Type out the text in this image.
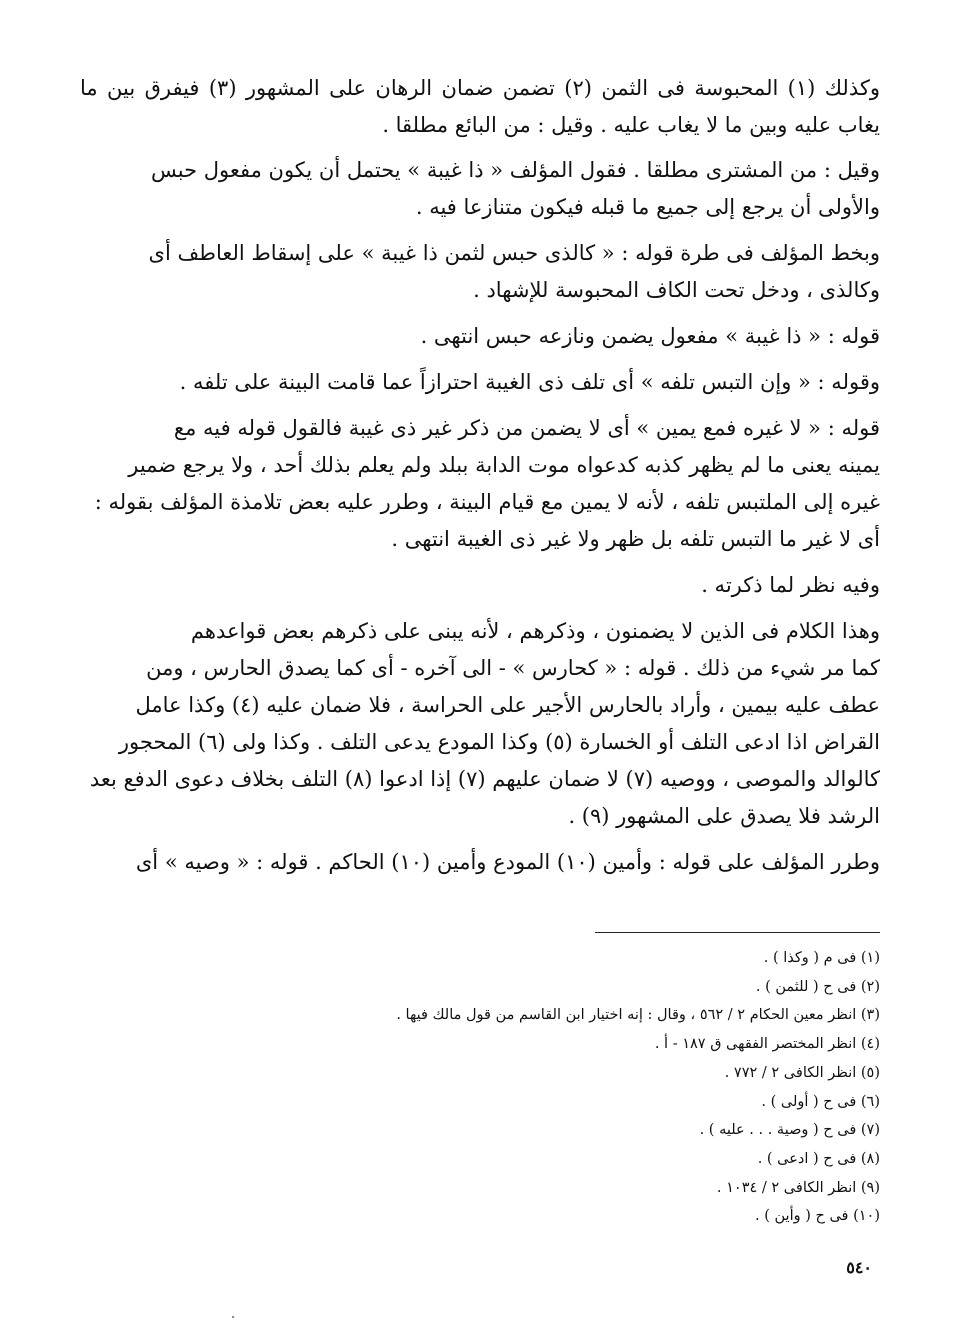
وكذلك (١) المحبوسة فى الثمن (٢) تضمن ضمان الرهان على المشهور (٣) فيفرق بين ما
يغاب عليه وبين ما لا يغاب عليه . وقيل : من البائع مطلقا .
وقيل : من المشترى مطلقا . فقول المؤلف « ذا غيبة » يحتمل أن يكون مفعول حبس
والأولى أن يرجع إلى جميع ما قبله فيكون متنازعا فيه .
وبخط المؤلف فى طرة قوله : « كالذى حبس لثمن ذا غيبة » على إسقاط العاطف أى
وكالذى ، ودخل تحت الكاف المحبوسة للإشهاد .
قوله : « ذا غيبة » مفعول يضمن ونازعه حبس انتهى .
وقوله : « وإن التبس تلفه » أى تلف ذى الغيبة احترازاً عما قامت البينة على تلفه .
قوله : « لا غيره فمع يمين » أى لا يضمن من ذكر غير ذى غيبة فالقول قوله فيه مع
يمينه يعنى ما لم يظهر كذبه كدعواه موت الدابة ببلد ولم يعلم بذلك أحد ، ولا يرجع ضمير
غيره إلى الملتبس تلفه ، لأنه لا يمين مع قيام البينة ، وطرر عليه بعض تلامذة المؤلف بقوله :
أى لا غير ما التبس تلفه بل ظهر ولا غير ذى الغيبة انتهى .
وفيه نظر لما ذكرته .
وهذا الكلام فى الذين لا يضمنون ، وذكرهم ، لأنه يبنى على ذكرهم بعض قواعدهم
كما مر شيء من ذلك . قوله : « كحارس » - الى آخره - أى كما يصدق الحارس ، ومن
عطف عليه بيمين ، وأراد بالحارس الأجير على الحراسة ، فلا ضمان عليه (٤) وكذا عامل
القراض اذا ادعى التلف أو الخسارة (٥) وكذا المودع يدعى التلف . وكذا ولى (٦) المحجور
كالوالد والموصى ، ووصيه (٧) لا ضمان عليهم (٧) إذا ادعوا (٨) التلف بخلاف دعوى الدفع بعد
الرشد فلا يصدق على المشهور (٩) .
وطرر المؤلف على قوله : وأمين (١٠) المودع وأمين (١٠) الحاكم . قوله : « وصيه » أى
(١) فى م ( وكذا ) .
(٢) فى ح ( للثمن ) .
(٣) انظر معين الحكام ٢ / ٥٦٢ ، وقال : إنه اختيار ابن القاسم من قول مالك فيها .
(٤) انظر المختصر الفقهى ق ١٨٧ - أ .
(٥) انظر الكافى ٢ / ٧٧٢ .
(٦) فى ح ( أولى ) .
(٧) فى ح ( وصية . . . عليه ) .
(٨) فى ح ( ادعى ) .
(٩) انظر الكافى ٢ / ١٠٣٤ .
(١٠) فى ح ( وأين ) .
٥٤٠
